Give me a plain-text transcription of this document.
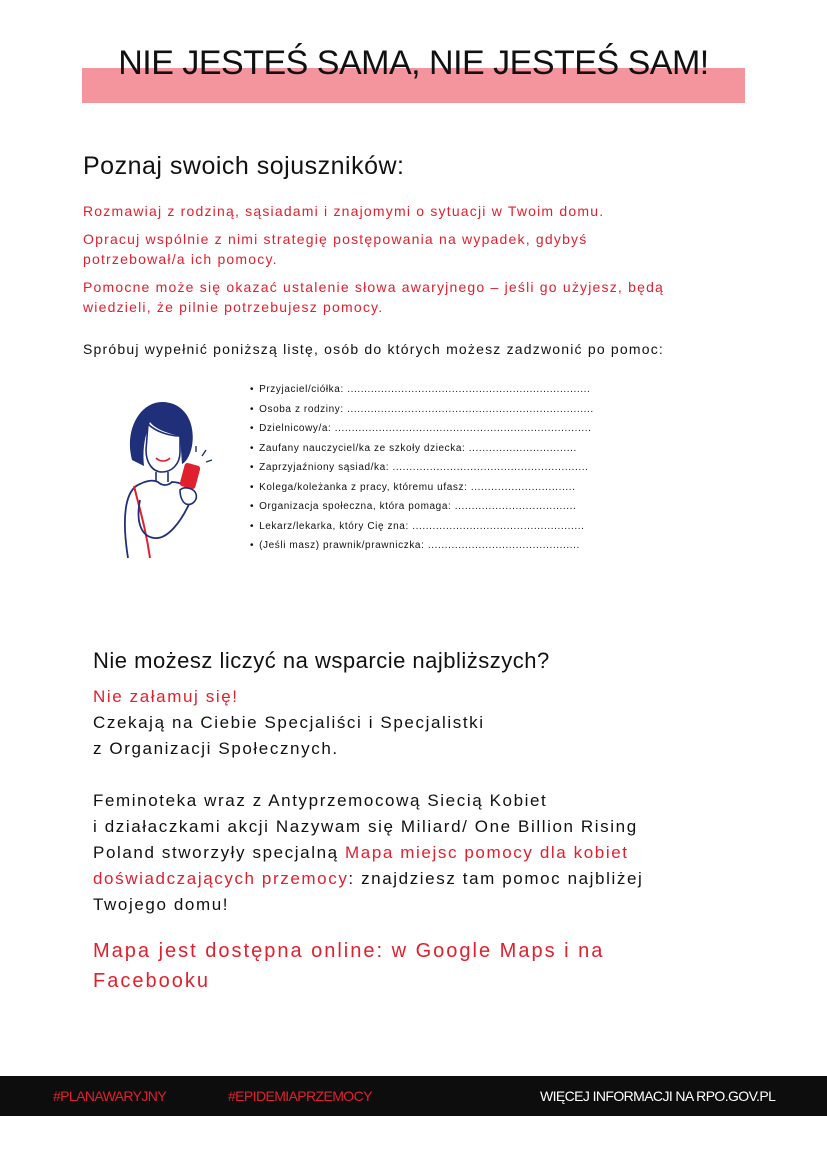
NIE JESTEŚ SAMA, NIE JESTEŚ SAM!
Poznaj swoich sojuszników:

Rozmawiaj z rodziną, sąsiadami i znajomymi o sytuacji w Twoim domu.

Opracuj wspólnie z nimi strategię postępowania na wypadek, gdybyś potrzebował/a ich pomocy.

Pomocne może się okazać ustalenie słowa awaryjnego – jeśli go użyjesz, będą wiedzieli, że pilnie potrzebujesz pomocy.

Spróbuj wypełnić poniższą listę, osób do których możesz zadzwonić po pomoc:

• Przyjaciel/ciółka: ........................................................................
• Osoba z rodziny: .........................................................................
• Dzielnicowy/a: ............................................................................
• Zaufany nauczyciel/ka ze szkoły dziecka: ................................
• Zaprzyjaźniony sąsiad/ka: ..........................................................
• Kolega/koleżanka z pracy, któremu ufasz: ...............................
• Organizacja społeczna, która pomaga: ....................................
• Lekarz/lekarka, który Cię zna: ...................................................
• (Jeśli masz) prawnik/prawniczka: .............................................
Nie możesz liczyć na wsparcie najbliższych?

Nie załamuj się!

Czekają na Ciebie Specjaliści i Specjalistki

z Organizacji Społecznych.

Feminoteka wraz z Antyprzemocową Siecią Kobiet

i działaczkami akcji Nazywam się Miliard/ One Billion Rising

Poland stworzyły specjalną Mapa miejsc pomocy dla kobiet

doświadczających przemocy: znajdziesz tam pomoc najbliżej

Twojego domu!

Mapa jest dostępna online: w Google Maps i na Facebooku

#PLANAWARYJNY	#EPIDEMIAPRZEMOCY	WIĘCEJ INFORMACJI NA RPO.GOV.PL
